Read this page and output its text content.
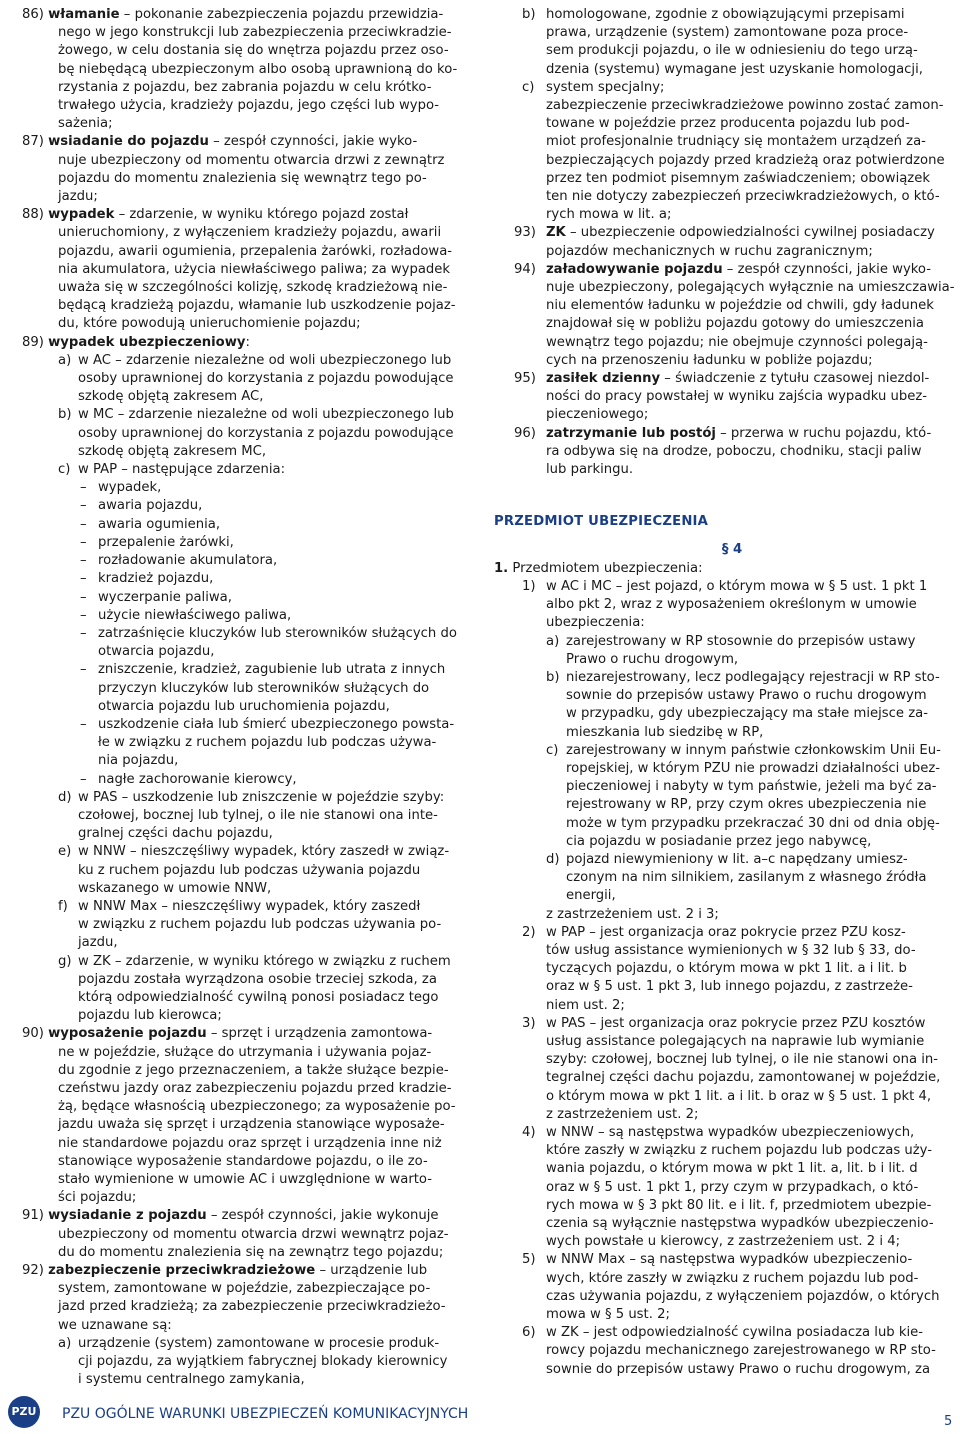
86) włamanie – pokonanie zabezpieczenia pojazdu przewidzia-
nego w jego konstrukcji lub zabezpieczenia przeciwkradzie-
żowego, w celu dostania się do wnętrza pojazdu przez oso-
bę niebędącą ubezpieczonym albo osobą uprawnioną do ko-
rzystania z pojazdu, bez zabrania pojazdu w celu krótko-
trwałego użycia, kradzieży pojazdu, jego części lub wypo-
sażenia;
87) wsiadanie do pojazdu – zespół czynności, jakie wyko-
nuje ubezpieczony od momentu otwarcia drzwi z zewnątrz
pojazdu do momentu znalezienia się wewnątrz tego po-
jazdu;
88) wypadek – zdarzenie, w wyniku którego pojazd został
unieruchomiony, z wyłączeniem kradzieży pojazdu, awarii
pojazdu, awarii ogumienia, przepalenia żarówki, rozładowa-
nia akumulatora, użycia niewłaściwego paliwa; za wypadek
uważa się w szczególności kolizję, szkodę kradzieżową nie-
będącą kradzieżą pojazdu, włamanie lub uszkodzenie pojaz-
du, które powodują unieruchomienie pojazdu;
89) wypadek ubezpieczeniowy:
a) w AC – zdarzenie niezależne od woli ubezpieczonego lub
osoby uprawnionej do korzystania z pojazdu powodujące
szkodę objętą zakresem AC,
b) w MC – zdarzenie niezależne od woli ubezpieczonego lub
osoby uprawnionej do korzystania z pojazdu powodujące
szkodę objętą zakresem MC,
c) w PAP – następujące zdarzenia:
– wypadek,
– awaria pojazdu,
– awaria ogumienia,
– przepalenie żarówki,
– rozładowanie akumulatora,
– kradzież pojazdu,
– wyczerpanie paliwa,
– użycie niewłaściwego paliwa,
– zatrzaśnięcie kluczyków lub sterowników służących do
otwarcia pojazdu,
– zniszczenie, kradzież, zagubienie lub utrata z innych
przyczyn kluczyków lub sterowników służących do
otwarcia pojazdu lub uruchomienia pojazdu,
– uszkodzenie ciała lub śmierć ubezpieczonego powsta-
łe w związku z ruchem pojazdu lub podczas używa-
nia pojazdu,
– nagłe zachorowanie kierowcy,
d) w PAS – uszkodzenie lub zniszczenie w pojeździe szyby:
czołowej, bocznej lub tylnej, o ile nie stanowi ona inte-
gralnej części dachu pojazdu,
e) w NNW – nieszczęśliwy wypadek, który zaszedł w związ-
ku z ruchem pojazdu lub podczas używania pojazdu
wskazanego w umowie NNW,
f) w NNW Max – nieszczęśliwy wypadek, który zaszedł
w związku z ruchem pojazdu lub podczas używania po-
jazdu,
g) w ZK – zdarzenie, w wyniku którego w związku z ruchem
pojazdu została wyrządzona osobie trzeciej szkoda, za
którą odpowiedzialność cywilną ponosi posiadacz tego
pojazdu lub kierowca;
90) wyposażenie pojazdu – sprzęt i urządzenia zamontowa-
ne w pojeździe, służące do utrzymania i używania pojaz-
du zgodnie z jego przeznaczeniem, a także służące bezpie-
czeństwu jazdy oraz zabezpieczeniu pojazdu przed kradzie-
żą, będące własnością ubezpieczonego; za wyposażenie po-
jazdu uważa się sprzęt i urządzenia stanowiące wyposaże-
nie standardowe pojazdu oraz sprzęt i urządzenia inne niż
stanowiące wyposażenie standardowe pojazdu, o ile zo-
stało wymienione w umowie AC i uwzględnione w warto-
ści pojazdu;
91) wysiadanie z pojazdu – zespół czynności, jakie wykonuje
ubezpieczony od momentu otwarcia drzwi wewnątrz pojaz-
du do momentu znalezienia się na zewnątrz tego pojazdu;
92) zabezpieczenie przeciwkradzieżowe – urządzenie lub
system, zamontowane w pojeździe, zabezpieczające po-
jazd przed kradzieżą; za zabezpieczenie przeciwkradzieżo-
we uznawane są:
a) urządzenie (system) zamontowane w procesie produk-
cji pojazdu, za wyjątkiem fabrycznej blokady kierownicy
i systemu centralnego zamykania,
b) homologowane, zgodnie z obowiązującymi przepisami
prawa, urządzenie (system) zamontowane poza proce-
sem produkcji pojazdu, o ile w odniesieniu do tego urzą-
dzenia (systemu) wymagane jest uzyskanie homologacji,
c) system specjalny;
zabezpieczenie przeciwkradzieżowe powinno zostać zamon-
towane w pojeździe przez producenta pojazdu lub pod-
miot profesjonalnie trudniący się montażem urządzeń za-
bezpieczających pojazdy przed kradzieżą oraz potwierdzone
przez ten podmiot pisemnym zaświadczeniem; obowiązek
ten nie dotyczy zabezpieczeń przeciwkradzieżowych, o któ-
rych mowa w lit. a;
93) ZK – ubezpieczenie odpowiedzialności cywilnej posiadaczy
pojazdów mechanicznych w ruchu zagranicznym;
94) załadowywanie pojazdu – zespół czynności, jakie wyko-
nuje ubezpieczony, polegających wyłącznie na umieszczawia-
niu elementów ładunku w pojeździe od chwili, gdy ładunek
znajdował się w pobliżu pojazdu gotowy do umieszczenia
wewnątrz tego pojazdu; nie obejmuje czynności polegają-
cych na przenoszeniu ładunku w pobliże pojazdu;
95) zasiłek dzienny – świadczenie z tytułu czasowej niezdol-
ności do pracy powstałej w wyniku zajścia wypadku ubez-
pieczeniowego;
96) zatrzymanie lub postój – przerwa w ruchu pojazdu, któ-
ra odbywa się na drodze, poboczu, chodniku, stacji paliw
lub parkingu.
PRZEDMIOT UBEZPIECZENIA
§ 4
1. Przedmiotem ubezpieczenia:
1) w AC i MC – jest pojazd, o którym mowa w § 5 ust. 1 pkt 1
albo pkt 2, wraz z wyposażeniem określonym w umowie
ubezpieczenia:
a) zarejestrowany w RP stosownie do przepisów ustawy
Prawo o ruchu drogowym,
b) niezarejestrowany, lecz podlegający rejestracji w RP sto-
sownie do przepisów ustawy Prawo o ruchu drogowym
w przypadku, gdy ubezpieczający ma stałe miejsce za-
mieszkania lub siedzibę w RP,
c) zarejestrowany w innym państwie członkowskim Unii Eu-
ropejskiej, w którym PZU nie prowadzi działalności ubez-
pieczeniowej i nabyty w tym państwie, jeżeli ma być za-
rejestrowany w RP, przy czym okres ubezpieczenia nie
może w tym przypadku przekraczać 30 dni od dnia obję-
cia pojazdu w posiadanie przez jego nabywcę,
d) pojazd niewymieniony w lit. a–c napędzany umiesz-
czonym na nim silnikiem, zasilanym z własnego źródła
energii,
z zastrzeżeniem ust. 2 i 3;
2) w PAP – jest organizacja oraz pokrycie przez PZU kosz-
tów usług assistance wymienionych w § 32 lub § 33, do-
tyczących pojazdu, o którym mowa w pkt 1 lit. a i lit. b
oraz w § 5 ust. 1 pkt 3, lub innego pojazdu, z zastrzeże-
niem ust. 2;
3) w PAS – jest organizacja oraz pokrycie przez PZU kosztów
usług assistance polegających na naprawie lub wymianie
szyby: czołowej, bocznej lub tylnej, o ile nie stanowi ona in-
tegralnej części dachu pojazdu, zamontowanej w pojeździe,
o którym mowa w pkt 1 lit. a i lit. b oraz w § 5 ust. 1 pkt 4,
z zastrzeżeniem ust. 2;
4) w NNW – są następstwa wypadków ubezpieczeniowych,
które zaszły w związku z ruchem pojazdu lub podczas uży-
wania pojazdu, o którym mowa w pkt 1 lit. a, lit. b i lit. d
oraz w § 5 ust. 1 pkt 1, przy czym w przypadkach, o któ-
rych mowa w § 3 pkt 80 lit. e i lit. f, przedmiotem ubezpie-
czenia są wyłącznie następstwa wypadków ubezpieczenio-
wych powstałe u kierowcy, z zastrzeżeniem ust. 2 i 4;
5) w NNW Max – są następstwa wypadków ubezpieczenio-
wych, które zaszły w związku z ruchem pojazdu lub pod-
czas używania pojazdu, z wyłączeniem pojazdów, o których
mowa w § 5 ust. 2;
6) w ZK – jest odpowiedzialność cywilna posiadacza lub kie-
rowcy pojazdu mechanicznego zarejestrowanego w RP sto-
sownie do przepisów ustawy Prawo o ruchu drogowym, za
PZU PZU OGÓLNE WARUNKI UBEZPIECZEŃ KOMUNIKACYJNYCH	5
